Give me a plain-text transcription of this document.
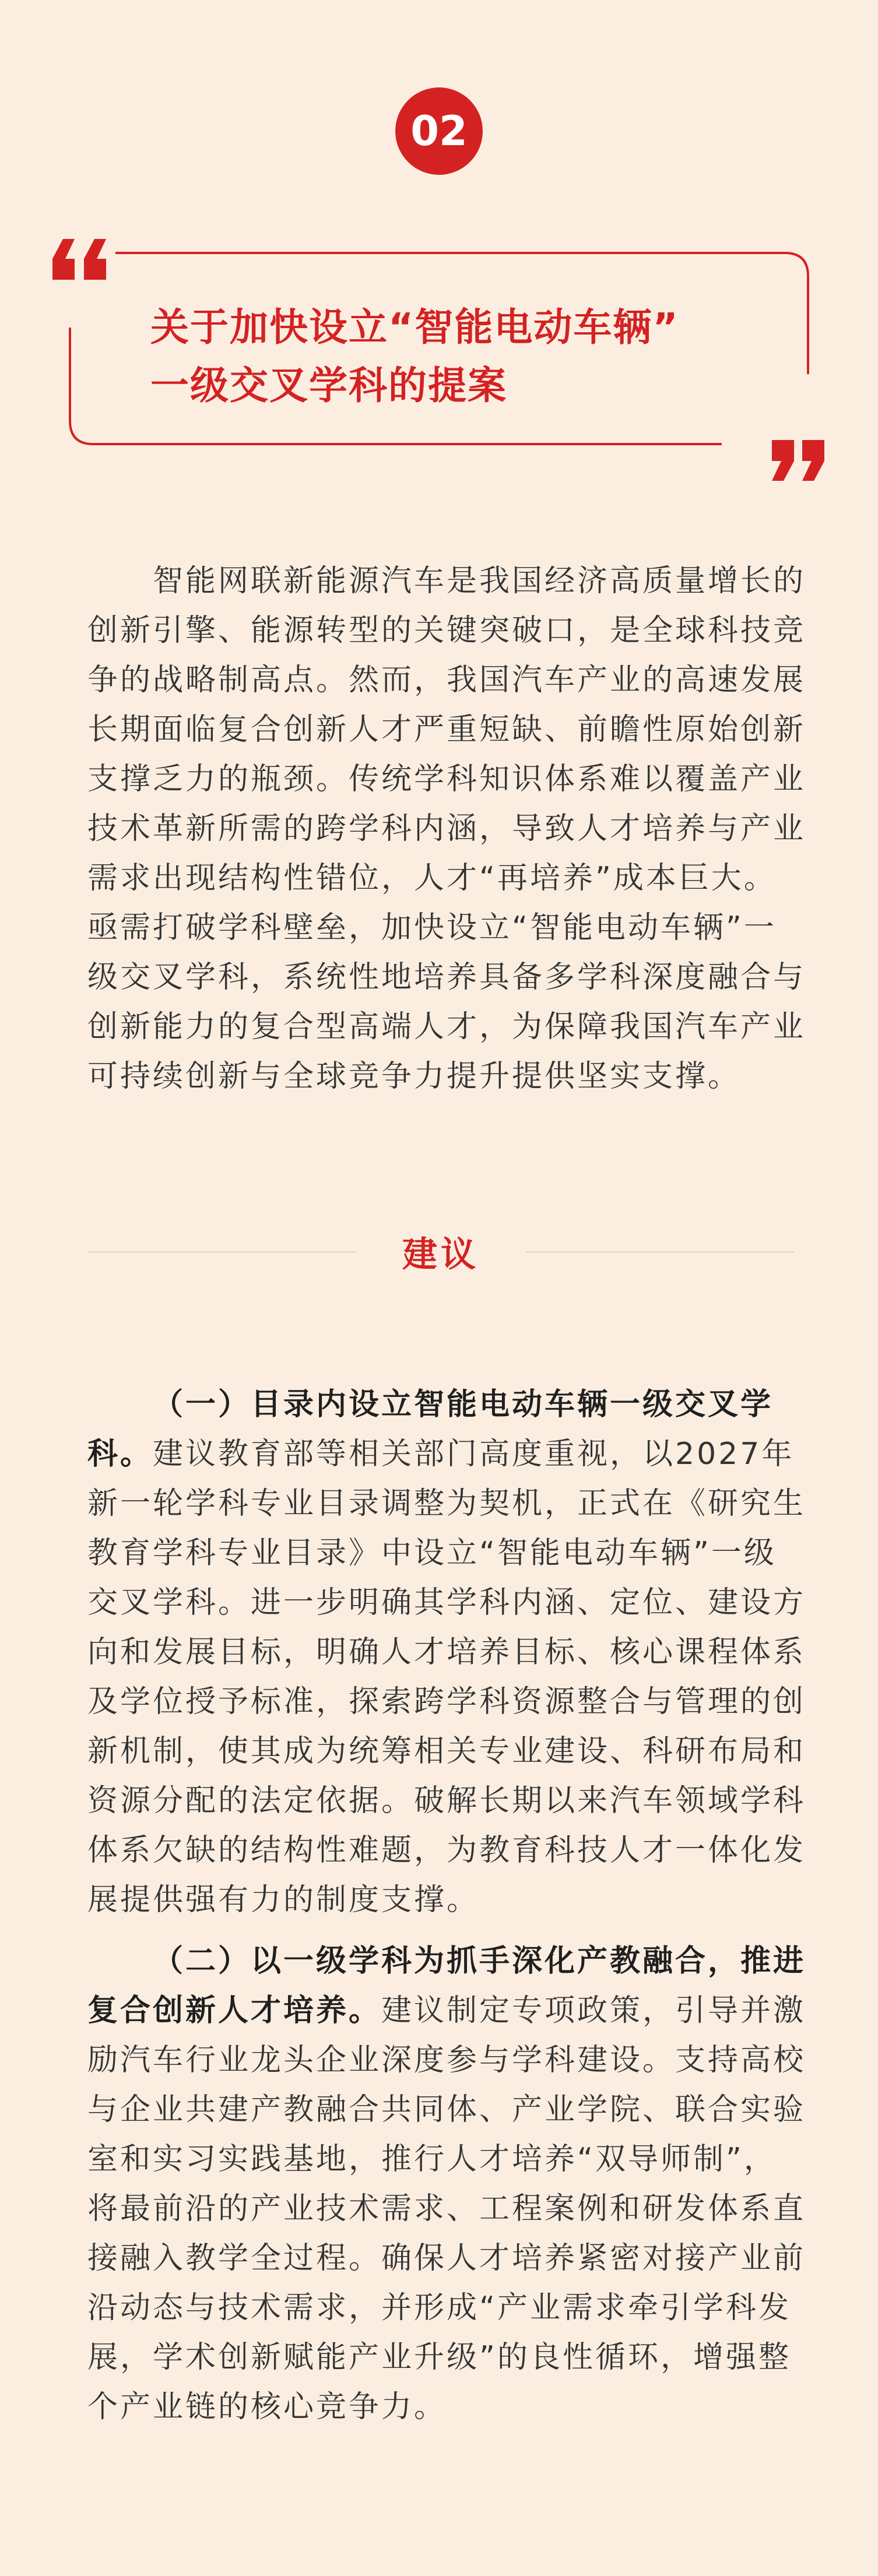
02
关于加快设立“智能电动车辆”
一级交叉学科的提案
智能网联新能源汽车是我国经济高质量增长的
创新引擎、能源转型的关键突破口，是全球科技竞
争的战略制高点。然而，我国汽车产业的高速发展
长期面临复合创新人才严重短缺、前瞻性原始创新
支撑乏力的瓶颈。传统学科知识体系难以覆盖产业
技术革新所需的跨学科内涵，导致人才培养与产业
需求出现结构性错位，人才“再培养”成本巨大。
亟需打破学科壁垒，加快设立“智能电动车辆”一
级交叉学科，系统性地培养具备多学科深度融合与
创新能力的复合型高端人才，为保障我国汽车产业
可持续创新与全球竞争力提升提供坚实支撑。
建议
（一）目录内设立智能电动车辆一级交叉学
科。建议教育部等相关部门高度重视，以2027年
新一轮学科专业目录调整为契机，正式在《研究生
教育学科专业目录》中设立“智能电动车辆”一级
交叉学科。进一步明确其学科内涵、定位、建设方
向和发展目标，明确人才培养目标、核心课程体系
及学位授予标准，探索跨学科资源整合与管理的创
新机制，使其成为统筹相关专业建设、科研布局和
资源分配的法定依据。破解长期以来汽车领域学科
体系欠缺的结构性难题，为教育科技人才一体化发
展提供强有力的制度支撑。
（二）以一级学科为抓手深化产教融合，推进
复合创新人才培养。建议制定专项政策，引导并激
励汽车行业龙头企业深度参与学科建设。支持高校
与企业共建产教融合共同体、产业学院、联合实验
室和实习实践基地，推行人才培养“双导师制”，
将最前沿的产业技术需求、工程案例和研发体系直
接融入教学全过程。确保人才培养紧密对接产业前
沿动态与技术需求，并形成“产业需求牵引学科发
展，学术创新赋能产业升级”的良性循环，增强整
个产业链的核心竞争力。
